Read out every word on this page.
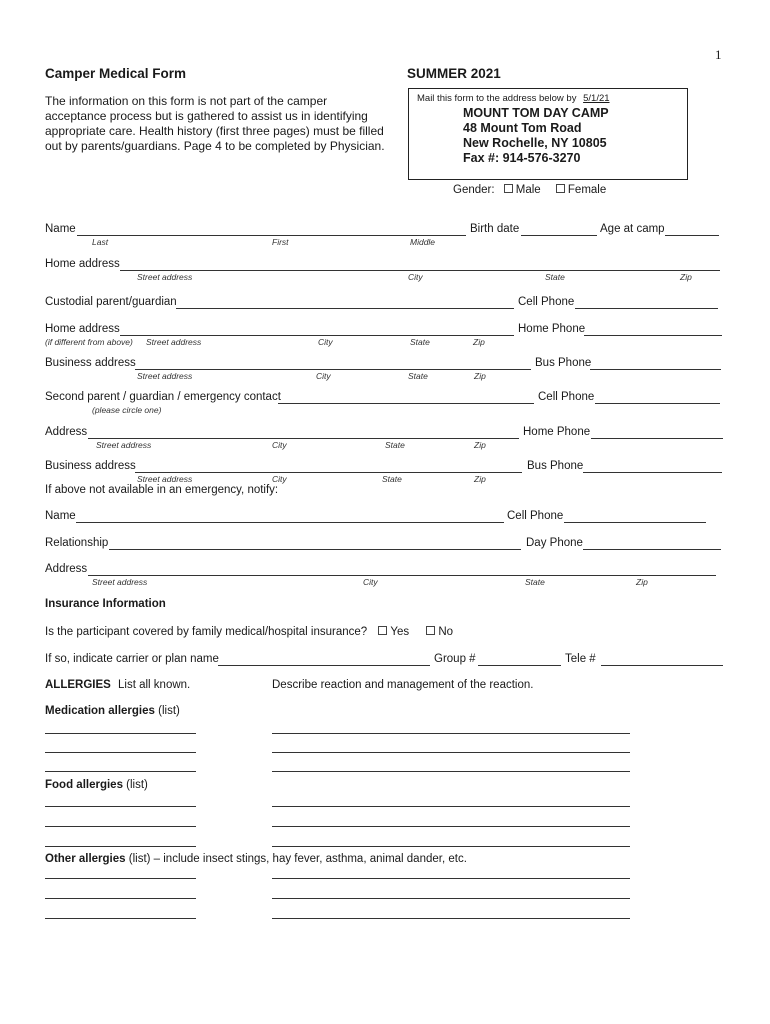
1
Camper Medical Form	SUMMER 2021
The information on this form is not part of the camper acceptance process but is gathered to assist us in identifying appropriate care. Health history (first three pages) must be filled out by parents/guardians. Page 4 to be completed by Physician.
Mail this form to the address below by 5/1/21
MOUNT TOM DAY CAMP
48 Mount Tom Road
New Rochelle, NY 10805
Fax #: 914-576-3270
Gender: Male Female
Name	Birth date	Age at camp
Last	First	Middle
Home address
Street address	City	State	Zip
Custodial parent/guardian	Cell Phone
Home address	Home Phone
(if different from above) Street address	City	State	Zip
Business address	Bus Phone
Street address	City	State	Zip
Second parent / guardian / emergency contact	Cell Phone
(please circle one)
Address	Home Phone
Street address	City	State	Zip
Business address	Bus Phone
Street address	City	State	Zip
If above not available in an emergency, notify:
Name	Cell Phone
Relationship	Day Phone
Address
Street address	City	State	Zip
Insurance Information
Is the participant covered by family medical/hospital insurance? Yes	No
If so, indicate carrier or plan name	Group #	Tele #
ALLERGIES List all known.	Describe reaction and management of the reaction.
Medication allergies (list)
Food allergies (list)
Other allergies (list) – include insect stings, hay fever, asthma, animal dander, etc.
